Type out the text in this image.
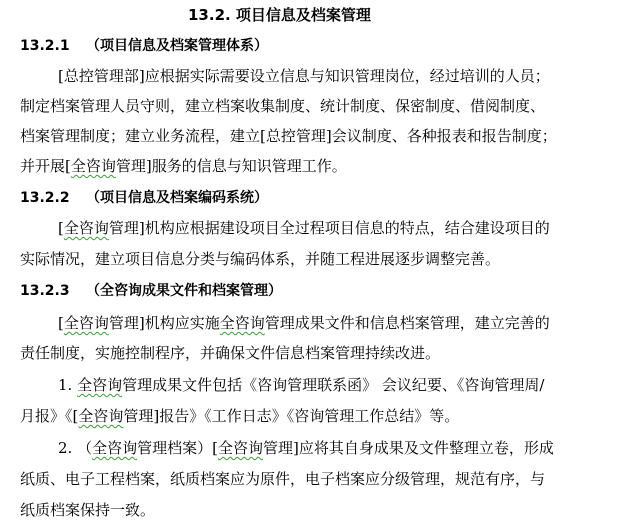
13.2. 项目信息及档案管理
13.2.1 （项目信息及档案管理体系）
[总控管理部]应根据实际需要设立信息与知识管理岗位，经过培训的人员；
制定档案管理人员守则，建立档案收集制度、统计制度、保密制度、借阅制度、
档案管理制度；建立业务流程，建立[总控管理]会议制度、各种报表和报告制度；
并开展[全咨询管理]服务的信息与知识管理工作。
13.2.2 （项目信息及档案编码系统）
[全咨询管理]机构应根据建设项目全过程项目信息的特点，结合建设项目的
实际情况，建立项目信息分类与编码体系，并随工程进展逐步调整完善。
13.2.3 （全咨询成果文件和档案管理）
[全咨询管理]机构应实施全咨询管理成果文件和信息档案管理，建立完善的
责任制度，实施控制程序，并确保文件信息档案管理持续改进。
1. 全咨询管理成果文件包括《咨询管理联系函》 会议纪要、《咨询管理周/
月报》《[全咨询管理]报告》《工作日志》《咨询管理工作总结》等。
2. （全咨询管理档案）[全咨询管理]应将其自身成果及文件整理立卷，形成
纸质、电子工程档案，纸质档案应为原件，电子档案应分级管理，规范有序，与
纸质档案保持一致。
